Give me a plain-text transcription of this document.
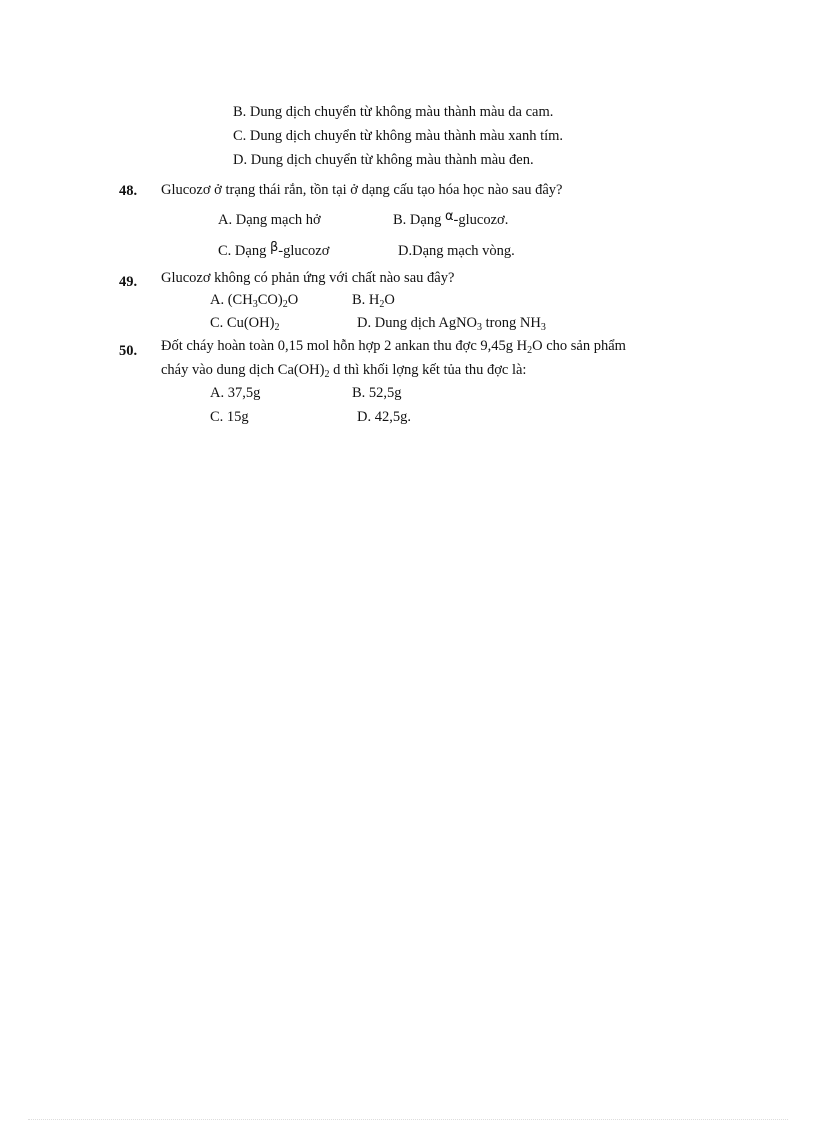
B. Dung dịch chuyển từ không màu thành màu da cam.
C. Dung dịch chuyển từ không màu thành màu xanh tím.
D. Dung dịch chuyển từ không màu thành màu đen.
48. Glucozơ ở trạng thái rắn, tồn tại ở dạng cấu tạo hóa học nào sau đây?
A. Dạng mạch hở	B. Dạng α-glucozơ.
C. Dạng β-glucozơ	D.Dạng mạch vòng.
49. Glucozơ không có phản ứng với chất nào sau đây?
A. $(CH_3CO)_2O$	B. $H_2O$
C. $Cu(OH)_2$	D. Dung dịch AgNO$_3$ trong $NH_3$
50. Đốt cháy hoàn toàn 0,15 mol hỗn hợp 2 ankan thu đợc 9,45g $H_2O$ cho sản phẩm
cháy vào dung dịch $Ca(OH)_2$ d thì khối lợng kết tủa thu đợc là:
A. 37,5g	B. 52,5g
C. 15g	D. 42,5g.
